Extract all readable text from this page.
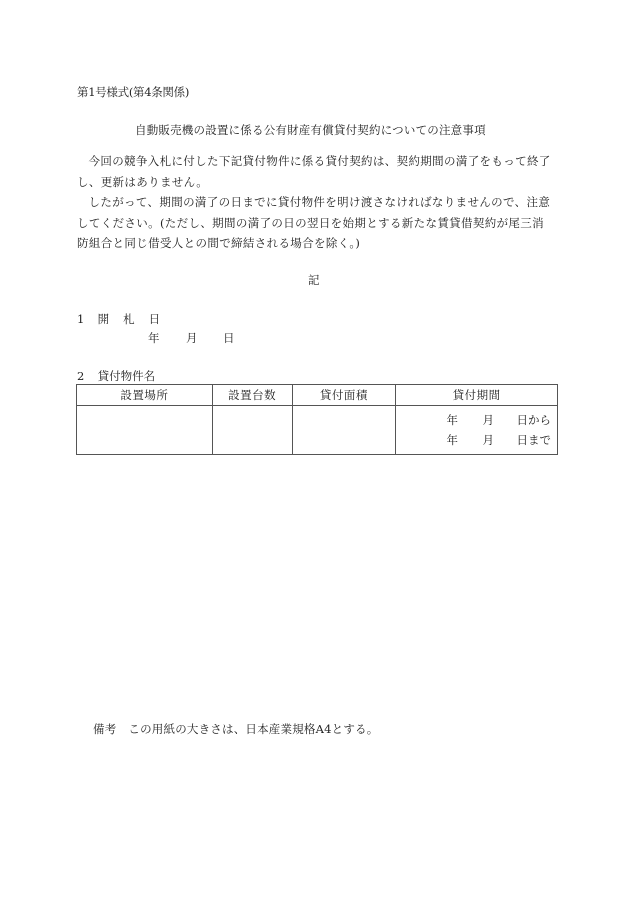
第1号様式(第4条関係)
自動販売機の設置に係る公有財産有償貸付契約についての注意事項

今回の競争入札に付した下記貸付物件に係る貸付契約は、契約期間の満了をもって終了

し、更新はありません。

したがって、期間の満了の日までに貸付物件を明け渡さなければなりませんので、注意

してください。(ただし、期間の満了の日の翌日を始期とする新たな賃貸借契約が尾三消

防組合と同じ借受人との間で締結される場合を除く。)

記
1 開 札 日
年 月 日
2 貸付物件名
設置場所	設置台数	貸付面積	貸付期間

			年 月 日から
年 月 日まで
備考 この用紙の大きさは、日本産業規格A4とする。
